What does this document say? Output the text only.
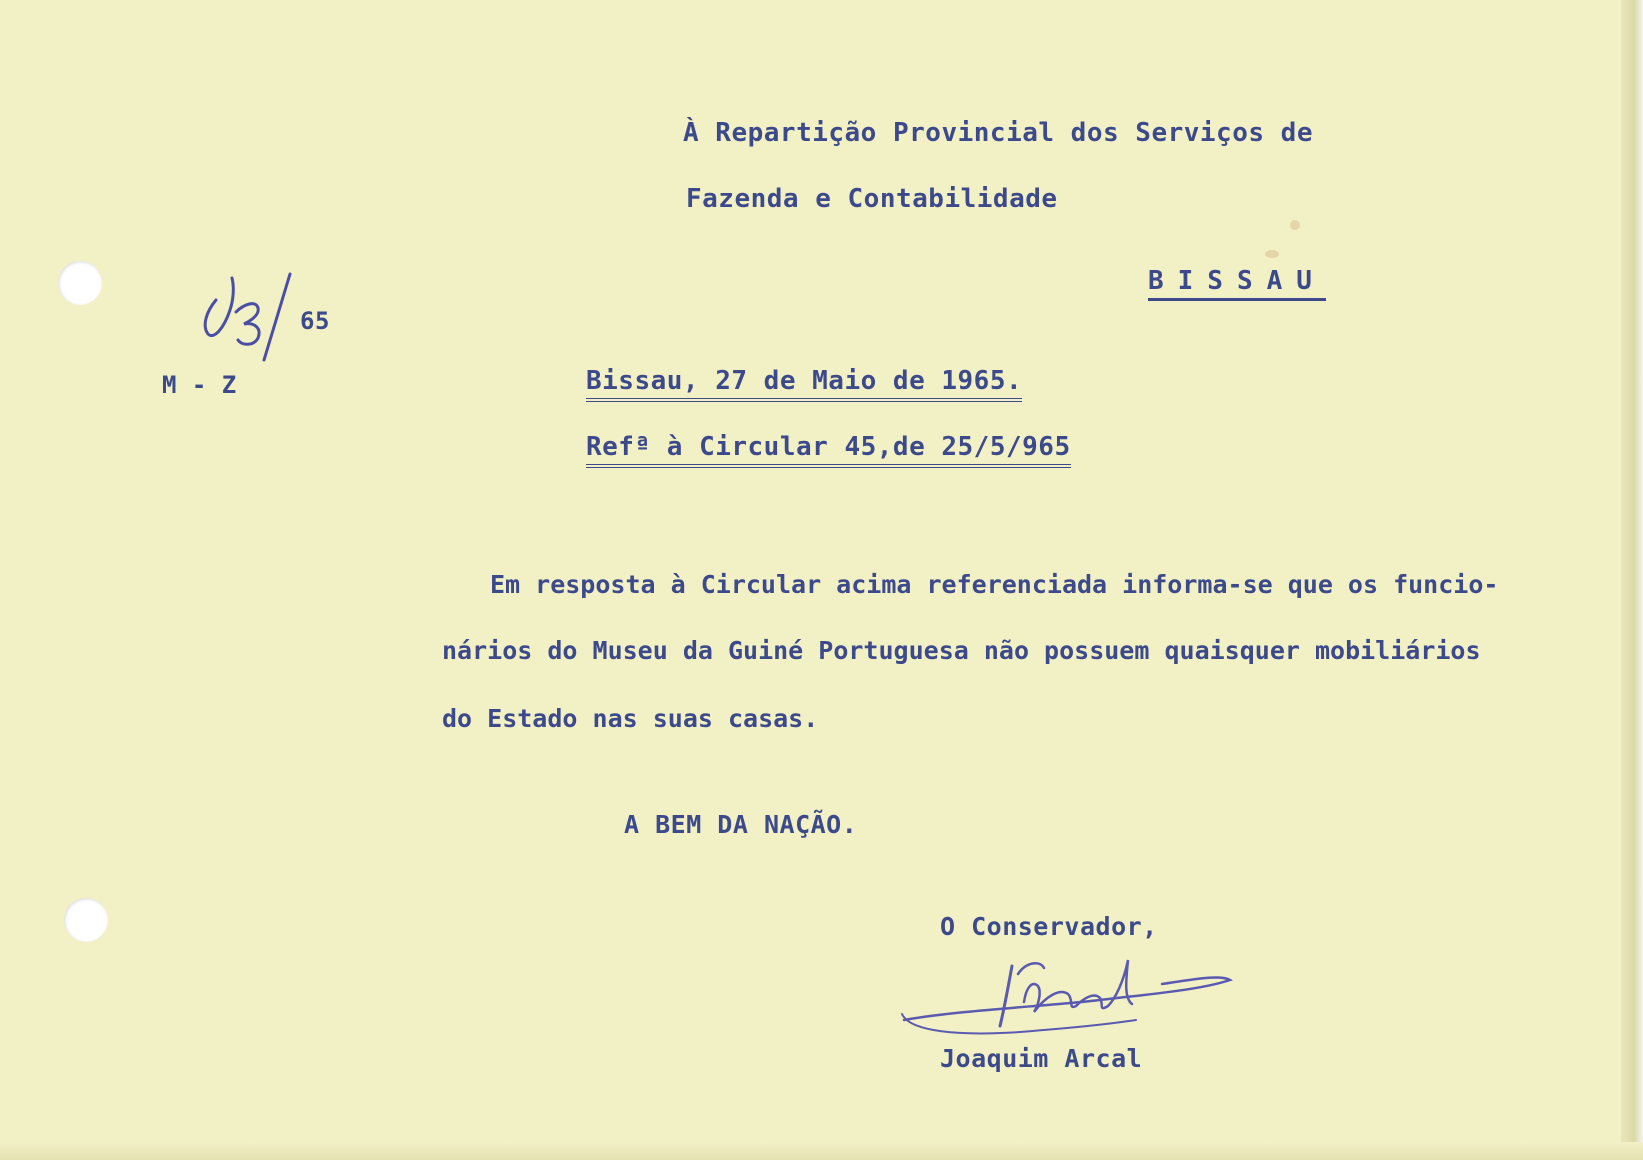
À Repartição Provincial dos Serviços de
Fazenda e Contabilidade
BISSAU
65
M - Z	Bissau, 27 de Maio de 1965.
Refª à Circular 45,de 25/5/965
Em resposta à Circular acima referenciada informa-se que os funcio-
nários do Museu da Guiné Portuguesa não possuem quaisquer mobiliários
do Estado nas suas casas.
A BEM DA NAÇÃO.
O Conservador,
Joaquim Arcal
